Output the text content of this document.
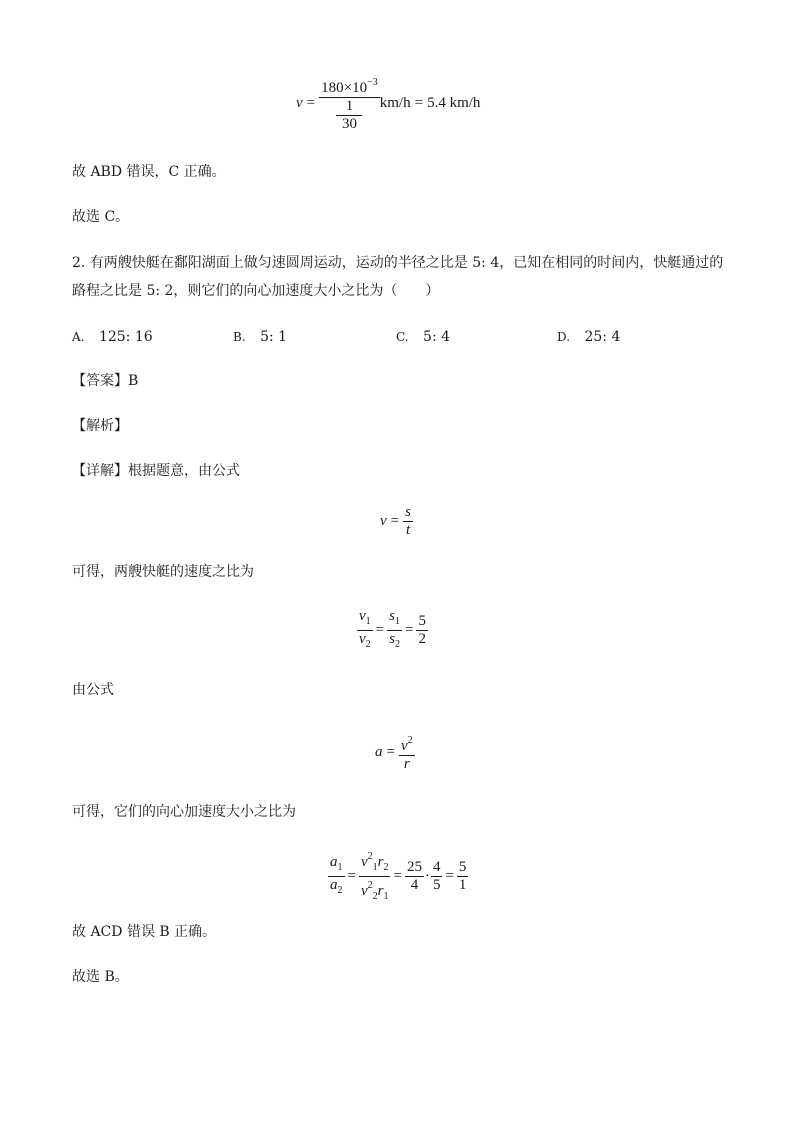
$v = \frac{180\times 10^{-3}}{\frac{1}{30}} km/h = 5.4$ km/h
故 ABD 错误，C 正确。
故选 C。
2. 有两艘快艇在鄱阳湖面上做匀速圆周运动，运动的半径之比是 5: 4，已知在相同的时间内，快艇通过的
路程之比是 5: 2，则它们的向心加速度大小之比为（　　）
A. 125: 16	B. 5: 1	C. 5: 4	D. 25: 4
【答案】B
【解析】
【详解】根据题意，由公式
$v = \frac{s}{t}$
可得，两艘快艇的速度之比为
$\frac{v_1}{v_2} = \frac{s_1}{s_2} = \frac{5}{2}$
由公式
$a = \frac{v^2}{r}$
可得，它们的向心加速度大小之比为
$\frac{a_1}{a_2} = \frac{v^2_1r_2}{v^2_2r_1} = \frac{25}{4} \cdot \frac{4}{5} = \frac{5}{1}$
故 ACD 错误 B 正确。
故选 B。
